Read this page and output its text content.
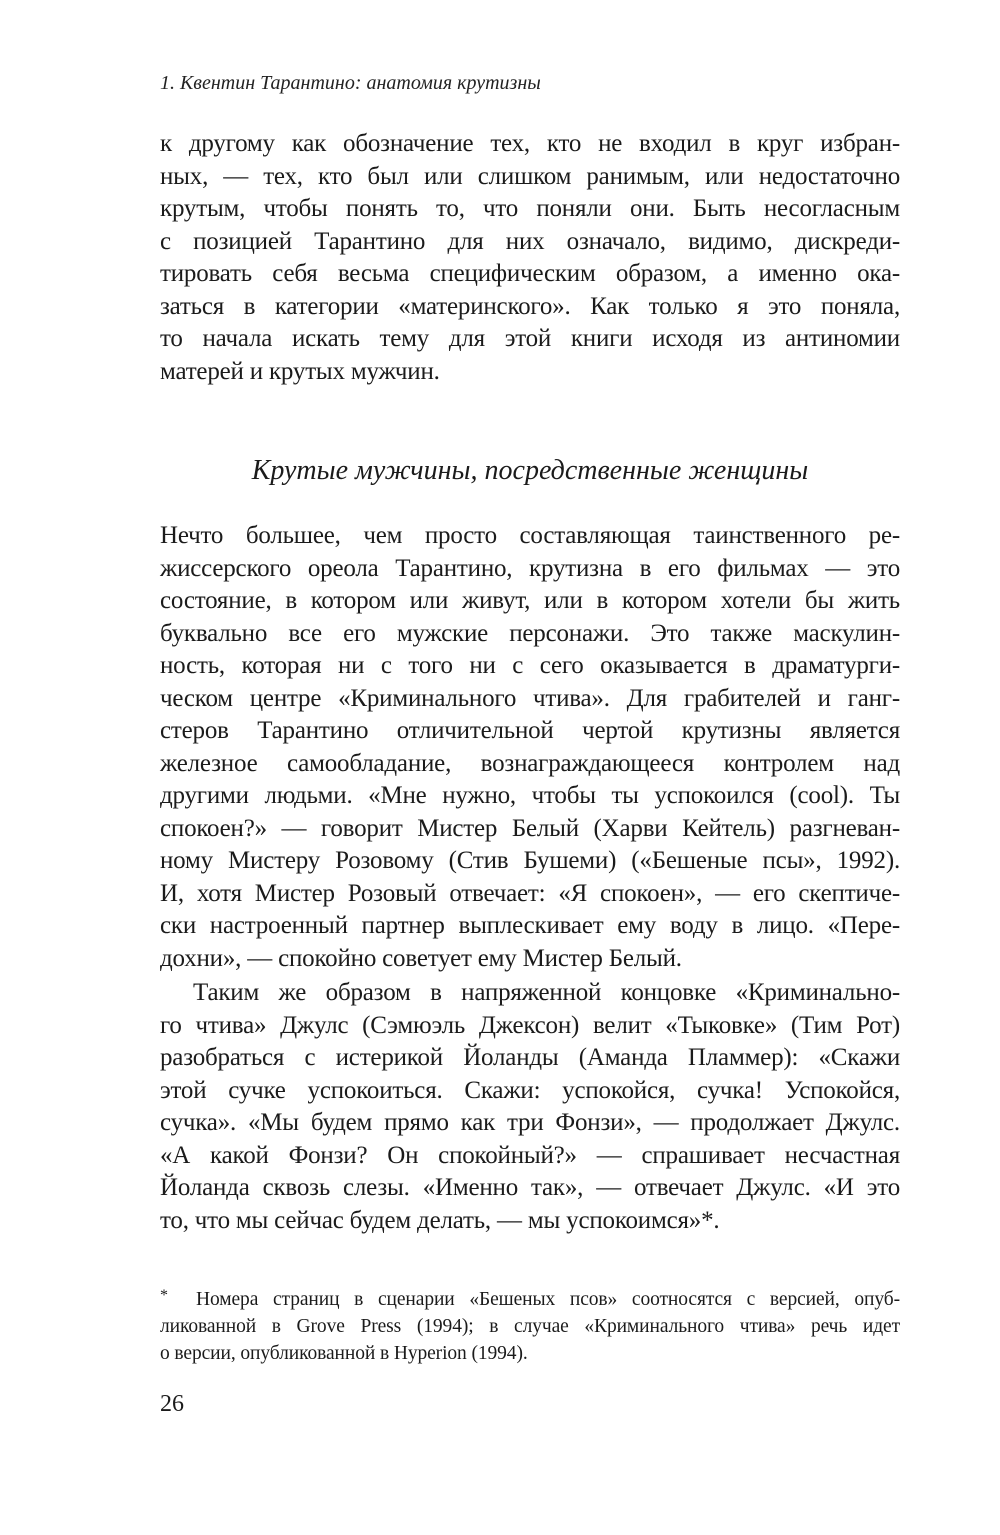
1. Квентин Тарантино: анатомия крутизны
к другому как обозначение тех, кто не входил в круг избран-
ных, — тех, кто был или слишком ранимым, или недостаточно
крутым, чтобы понять то, что поняли они. Быть несогласным
с позицией Тарантино для них означало, видимо, дискреди-
тировать себя весьма специфическим образом, а именно ока-
заться в категории «материнского». Как только я это поняла,
то начала искать тему для этой книги исходя из антиномии
матерей и крутых мужчин.
Крутые мужчины, посредственные женщины
Нечто большее, чем просто составляющая таинственного ре-
жиссерского ореола Тарантино, крутизна в его фильмах — это
состояние, в котором или живут, или в котором хотели бы жить
буквально все его мужские персонажи. Это также маскулин-
ность, которая ни с того ни с сего оказывается в драматурги-
ческом центре «Криминального чтива». Для грабителей и ганг-
стеров Тарантино отличительной чертой крутизны является
железное самообладание, вознаграждающееся контролем над
другими людьми. «Мне нужно, чтобы ты успокоился (cool). Ты
спокоен?» — говорит Мистер Белый (Харви Кейтель) разгневан-
ному Мистеру Розовому (Стив Бушеми) («Бешеные псы», 1992).
И, хотя Мистер Розовый отвечает: «Я спокоен», — его скептиче-
ски настроенный партнер выплескивает ему воду в лицо. «Пере-
дохни», — спокойно советует ему Мистер Белый.
Таким же образом в напряженной концовке «Криминально-
го чтива» Джулс (Сэмюэль Джексон) велит «Тыковке» (Тим Рот)
разобраться с истерикой Йоланды (Аманда Пламмер): «Скажи
этой сучке успокоиться. Скажи: успокойся, сучка! Успокойся,
сучка». «Мы будем прямо как три Фонзи», — продолжает Джулс.
«А какой Фонзи? Он спокойный?» — спрашивает несчастная
Йоланда сквозь слезы. «Именно так», — отвечает Джулс. «И это
то, что мы сейчас будем делать, — мы успокоимся»*.
*	Номера страниц в сценарии «Бешеных псов» соотносятся с версией, опуб-
ликованной в Grove Press (1994); в случае «Криминального чтива» речь идет
о версии, опубликованной в Hyperion (1994).
26
